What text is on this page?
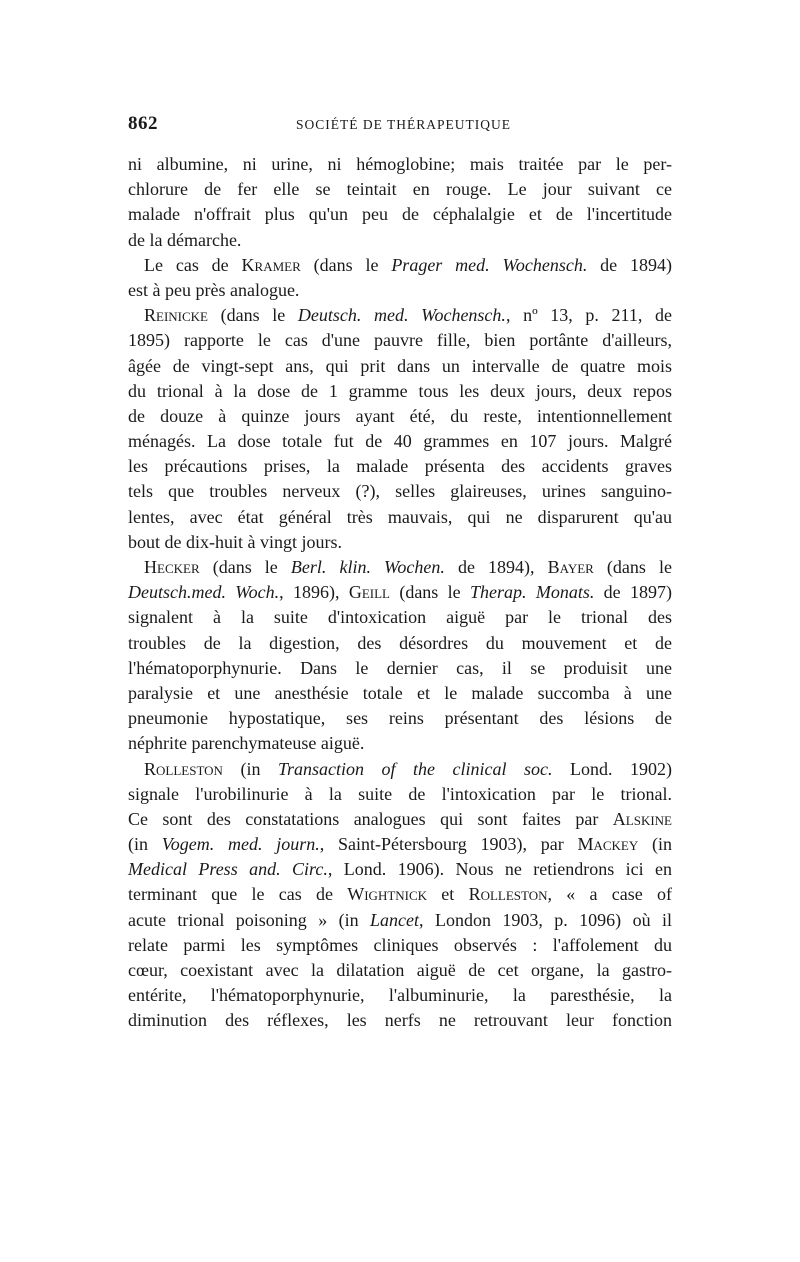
862	SOCIÉTÉ DE THÉRAPEUTIQUE
ni albumine, ni urine, ni hémoglobine; mais traitée par le per-
chlorure de fer elle se teintait en rouge. Le jour suivant ce
malade n'offrait plus qu'un peu de céphalalgie et de l'incertitude
de la démarche.
Le cas de Kramer (dans le Prager med. Wochensch. de 1894)
est à peu près analogue.
Reinicke (dans le Deutsch. med. Wochensch., nº 13, p. 211, de
1895) rapporte le cas d'une pauvre fille, bien portânte d'ailleurs,
âgée de vingt-sept ans, qui prit dans un intervalle de quatre mois
du trional à la dose de 1 gramme tous les deux jours, deux repos
de douze à quinze jours ayant été, du reste, intentionnellement
ménagés. La dose totale fut de 40 grammes en 107 jours. Malgré
les précautions prises, la malade présenta des accidents graves
tels que troubles nerveux (?), selles glaireuses, urines sanguino-
lentes, avec état général très mauvais, qui ne disparurent qu'au
bout de dix-huit à vingt jours.
Hecker (dans le Berl. klin. Wochen. de 1894), Bayer (dans le
Deutsch.med. Woch., 1896), Geill (dans le Therap. Monats. de 1897)
signalent à la suite d'intoxication aiguë par le trional des
troubles de la digestion, des désordres du mouvement et de
l'hématoporphynurie. Dans le dernier cas, il se produisit une
paralysie et une anesthésie totale et le malade succomba à une
pneumonie hypostatique, ses reins présentant des lésions de
néphrite parenchymateuse aiguë.
Rolleston (in Transaction of the clinical soc. Lond. 1902)
signale l'urobilinurie à la suite de l'intoxication par le trional.
Ce sont des constatations analogues qui sont faites par Alskine
(in Vogem. med. journ., Saint-Pétersbourg 1903), par Mackey (in
Medical Press and. Circ., Lond. 1906). Nous ne retiendrons ici en
terminant que le cas de Wightnick et Rolleston, « a case of
acute trional poisoning » (in Lancet, London 1903, p. 1096) où il
relate parmi les symptômes cliniques observés : l'affolement du
cœur, coexistant avec la dilatation aiguë de cet organe, la gastro-
entérite, l'hématoporphynurie, l'albuminurie, la paresthésie, la
diminution des réflexes, les nerfs ne retrouvant leur fonction
